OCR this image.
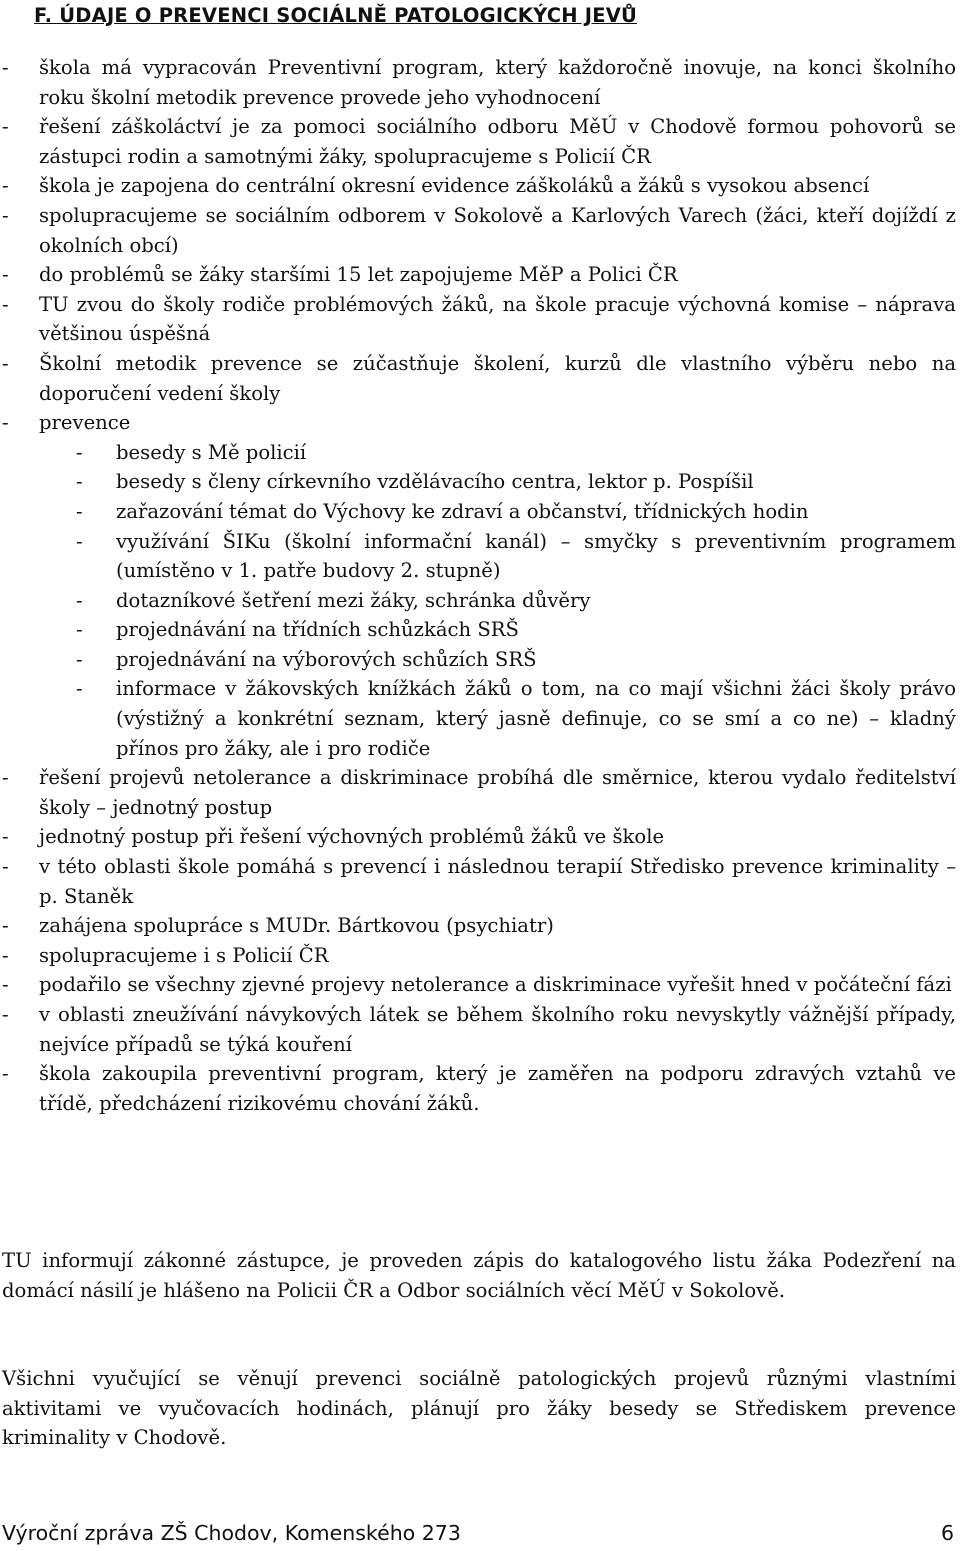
F. ÚDAJE O PREVENCI SOCIÁLNĚ PATOLOGICKÝCH JEVŮ
- škola má vypracován Preventivní program, který každoročně inovuje, na konci školního roku školní metodik prevence provede jeho vyhodnocení
- řešení záškoláctví je za pomoci sociálního odboru MěÚ v Chodově formou pohovorů se zástupci rodin a samotnými žáky, spolupracujeme s Policií ČR
- škola je zapojena do centrální okresní evidence záškoláků a žáků s vysokou absencí
- spolupracujeme se sociálním odborem v Sokolově a Karlových Varech (žáci, kteří dojíždí z okolních obcí)
- do problémů se žáky staršími 15 let zapojujeme MěP a Polici ČR
- TU zvou do školy rodiče problémových žáků, na škole pracuje výchovná komise – náprava většinou úspěšná
- Školní metodik prevence se zúčastňuje školení, kurzů dle vlastního výběru nebo na doporučení vedení školy
- prevence
- besedy s Mě policií
- besedy s členy církevního vzdělávacího centra, lektor p. Pospíšil
- zařazování témat do Výchovy ke zdraví a občanství, třídnických hodin
- využívání ŠIKu (školní informační kanál) – smyčky s preventivním programem (umístěno v 1. patře budovy 2. stupně)
- dotazníkové šetření mezi žáky, schránka důvěry
- projednávání na třídních schůzkách SRŠ
- projednávání na výborových schůzích SRŠ
- informace v žákovských knížkách žáků o tom, na co mají všichni žáci školy právo (výstižný a konkrétní seznam, který jasně definuje, co se smí a co ne) – kladný přínos pro žáky, ale i pro rodiče
- řešení projevů netolerance a diskriminace probíhá dle směrnice, kterou vydalo ředitelství školy – jednotný postup
- jednotný postup při řešení výchovných problémů žáků ve škole
- v této oblasti škole pomáhá s prevencí i následnou terapií Středisko prevence kriminality – p. Staněk
- zahájena spolupráce s MUDr. Bártkovou (psychiatr)
- spolupracujeme i s Policií ČR
- podařilo se všechny zjevné projevy netolerance a diskriminace vyřešit hned v počáteční fázi
- v oblasti zneužívání návykových látek se během školního roku nevyskytly vážnější případy, nejvíce případů se týká kouření
- škola zakoupila preventivní program, který je zaměřen na podporu zdravých vztahů ve třídě, předcházení rizikovému chování žáků.
TU informují zákonné zástupce, je proveden zápis do katalogového listu žáka Podezření na domácí násilí je hlášeno na Policii ČR a Odbor sociálních věcí MěÚ v Sokolově.
Všichni vyučující se věnují prevenci sociálně patologických projevů různými vlastními aktivitami ve vyučovacích hodinách, plánují pro žáky besedy se Střediskem prevence kriminality v Chodově.
Výroční zpráva ZŠ Chodov, Komenského 273	6
